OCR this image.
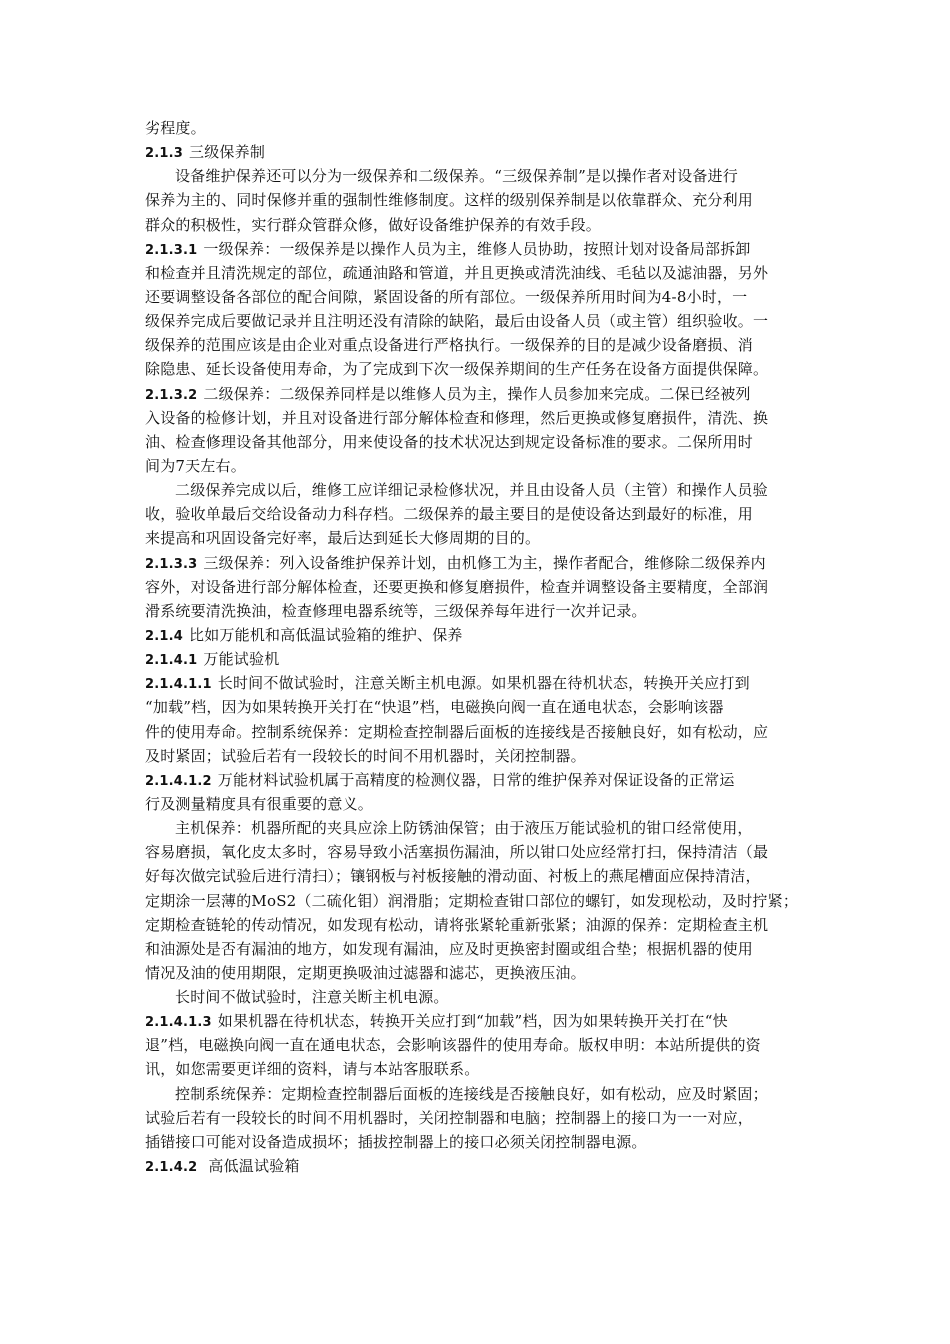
劣程度。
2.1.3 三级保养制
设备维护保养还可以分为一级保养和二级保养。“三级保养制”是以操作者对设备进行
保养为主的、同时保修并重的强制性维修制度。这样的级别保养制是以依靠群众、充分利用
群众的积极性，实行群众管群众修，做好设备维护保养的有效手段。
2.1.3.1 一级保养：一级保养是以操作人员为主，维修人员协助，按照计划对设备局部拆卸
和检查并且清洗规定的部位，疏通油路和管道，并且更换或清洗油线、毛毡以及滤油器，另外
还要调整设备各部位的配合间隙，紧固设备的所有部位。一级保养所用时间为4-8小时，一
级保养完成后要做记录并且注明还没有清除的缺陷，最后由设备人员（或主管）组织验收。一
级保养的范围应该是由企业对重点设备进行严格执行。一级保养的目的是减少设备磨损、消
除隐患、延长设备使用寿命，为了完成到下次一级保养期间的生产任务在设备方面提供保障。
2.1.3.2 二级保养：二级保养同样是以维修人员为主，操作人员参加来完成。二保已经被列
入设备的检修计划，并且对设备进行部分解体检查和修理，然后更换或修复磨损件，清洗、换
油、检查修理设备其他部分，用来使设备的技术状况达到规定设备标准的要求。二保所用时
间为7天左右。
二级保养完成以后，维修工应详细记录检修状况，并且由设备人员（主管）和操作人员验
收，验收单最后交给设备动力科存档。二级保养的最主要目的是使设备达到最好的标准，用
来提高和巩固设备完好率，最后达到延长大修周期的目的。
2.1.3.3 三级保养：列入设备维护保养计划，由机修工为主，操作者配合，维修除二级保养内
容外，对设备进行部分解体检查，还要更换和修复磨损件，检查并调整设备主要精度，全部润
滑系统要清洗换油，检查修理电器系统等，三级保养每年进行一次并记录。
2.1.4 比如万能机和高低温试验箱的维护、保养
2.1.4.1 万能试验机
2.1.4.1.1 长时间不做试验时，注意关断主机电源。如果机器在待机状态，转换开关应打到
“加载”档，因为如果转换开关打在“快退”档，电磁换向阀一直在通电状态，会影响该器
件的使用寿命。控制系统保养：定期检查控制器后面板的连接线是否接触良好，如有松动，应
及时紧固；试验后若有一段较长的时间不用机器时，关闭控制器。
2.1.4.1.2 万能材料试验机属于高精度的检测仪器，日常的维护保养对保证设备的正常运
行及测量精度具有很重要的意义。
主机保养：机器所配的夹具应涂上防锈油保管；由于液压万能试验机的钳口经常使用，
容易磨损，氧化皮太多时，容易导致小活塞损伤漏油，所以钳口处应经常打扫，保持清洁（最
好每次做完试验后进行清扫）；镶钢板与衬板接触的滑动面、衬板上的燕尾槽面应保持清洁，
定期涂一层薄的MoS2（二硫化钼）润滑脂；定期检查钳口部位的螺钉，如发现松动，及时拧紧；
定期检查链轮的传动情况，如发现有松动，请将张紧轮重新张紧；油源的保养：定期检查主机
和油源处是否有漏油的地方，如发现有漏油，应及时更换密封圈或组合垫；根据机器的使用
情况及油的使用期限，定期更换吸油过滤器和滤芯，更换液压油。
长时间不做试验时，注意关断主机电源。
2.1.4.1.3 如果机器在待机状态，转换开关应打到“加载”档，因为如果转换开关打在“快
退”档，电磁换向阀一直在通电状态，会影响该器件的使用寿命。版权申明：本站所提供的资
讯，如您需要更详细的资料，请与本站客服联系。
控制系统保养：定期检查控制器后面板的连接线是否接触良好，如有松动，应及时紧固；
试验后若有一段较长的时间不用机器时，关闭控制器和电脑；控制器上的接口为一一对应，
插错接口可能对设备造成损坏；插拔控制器上的接口必须关闭控制器电源。
2.1.4.2 高低温试验箱
